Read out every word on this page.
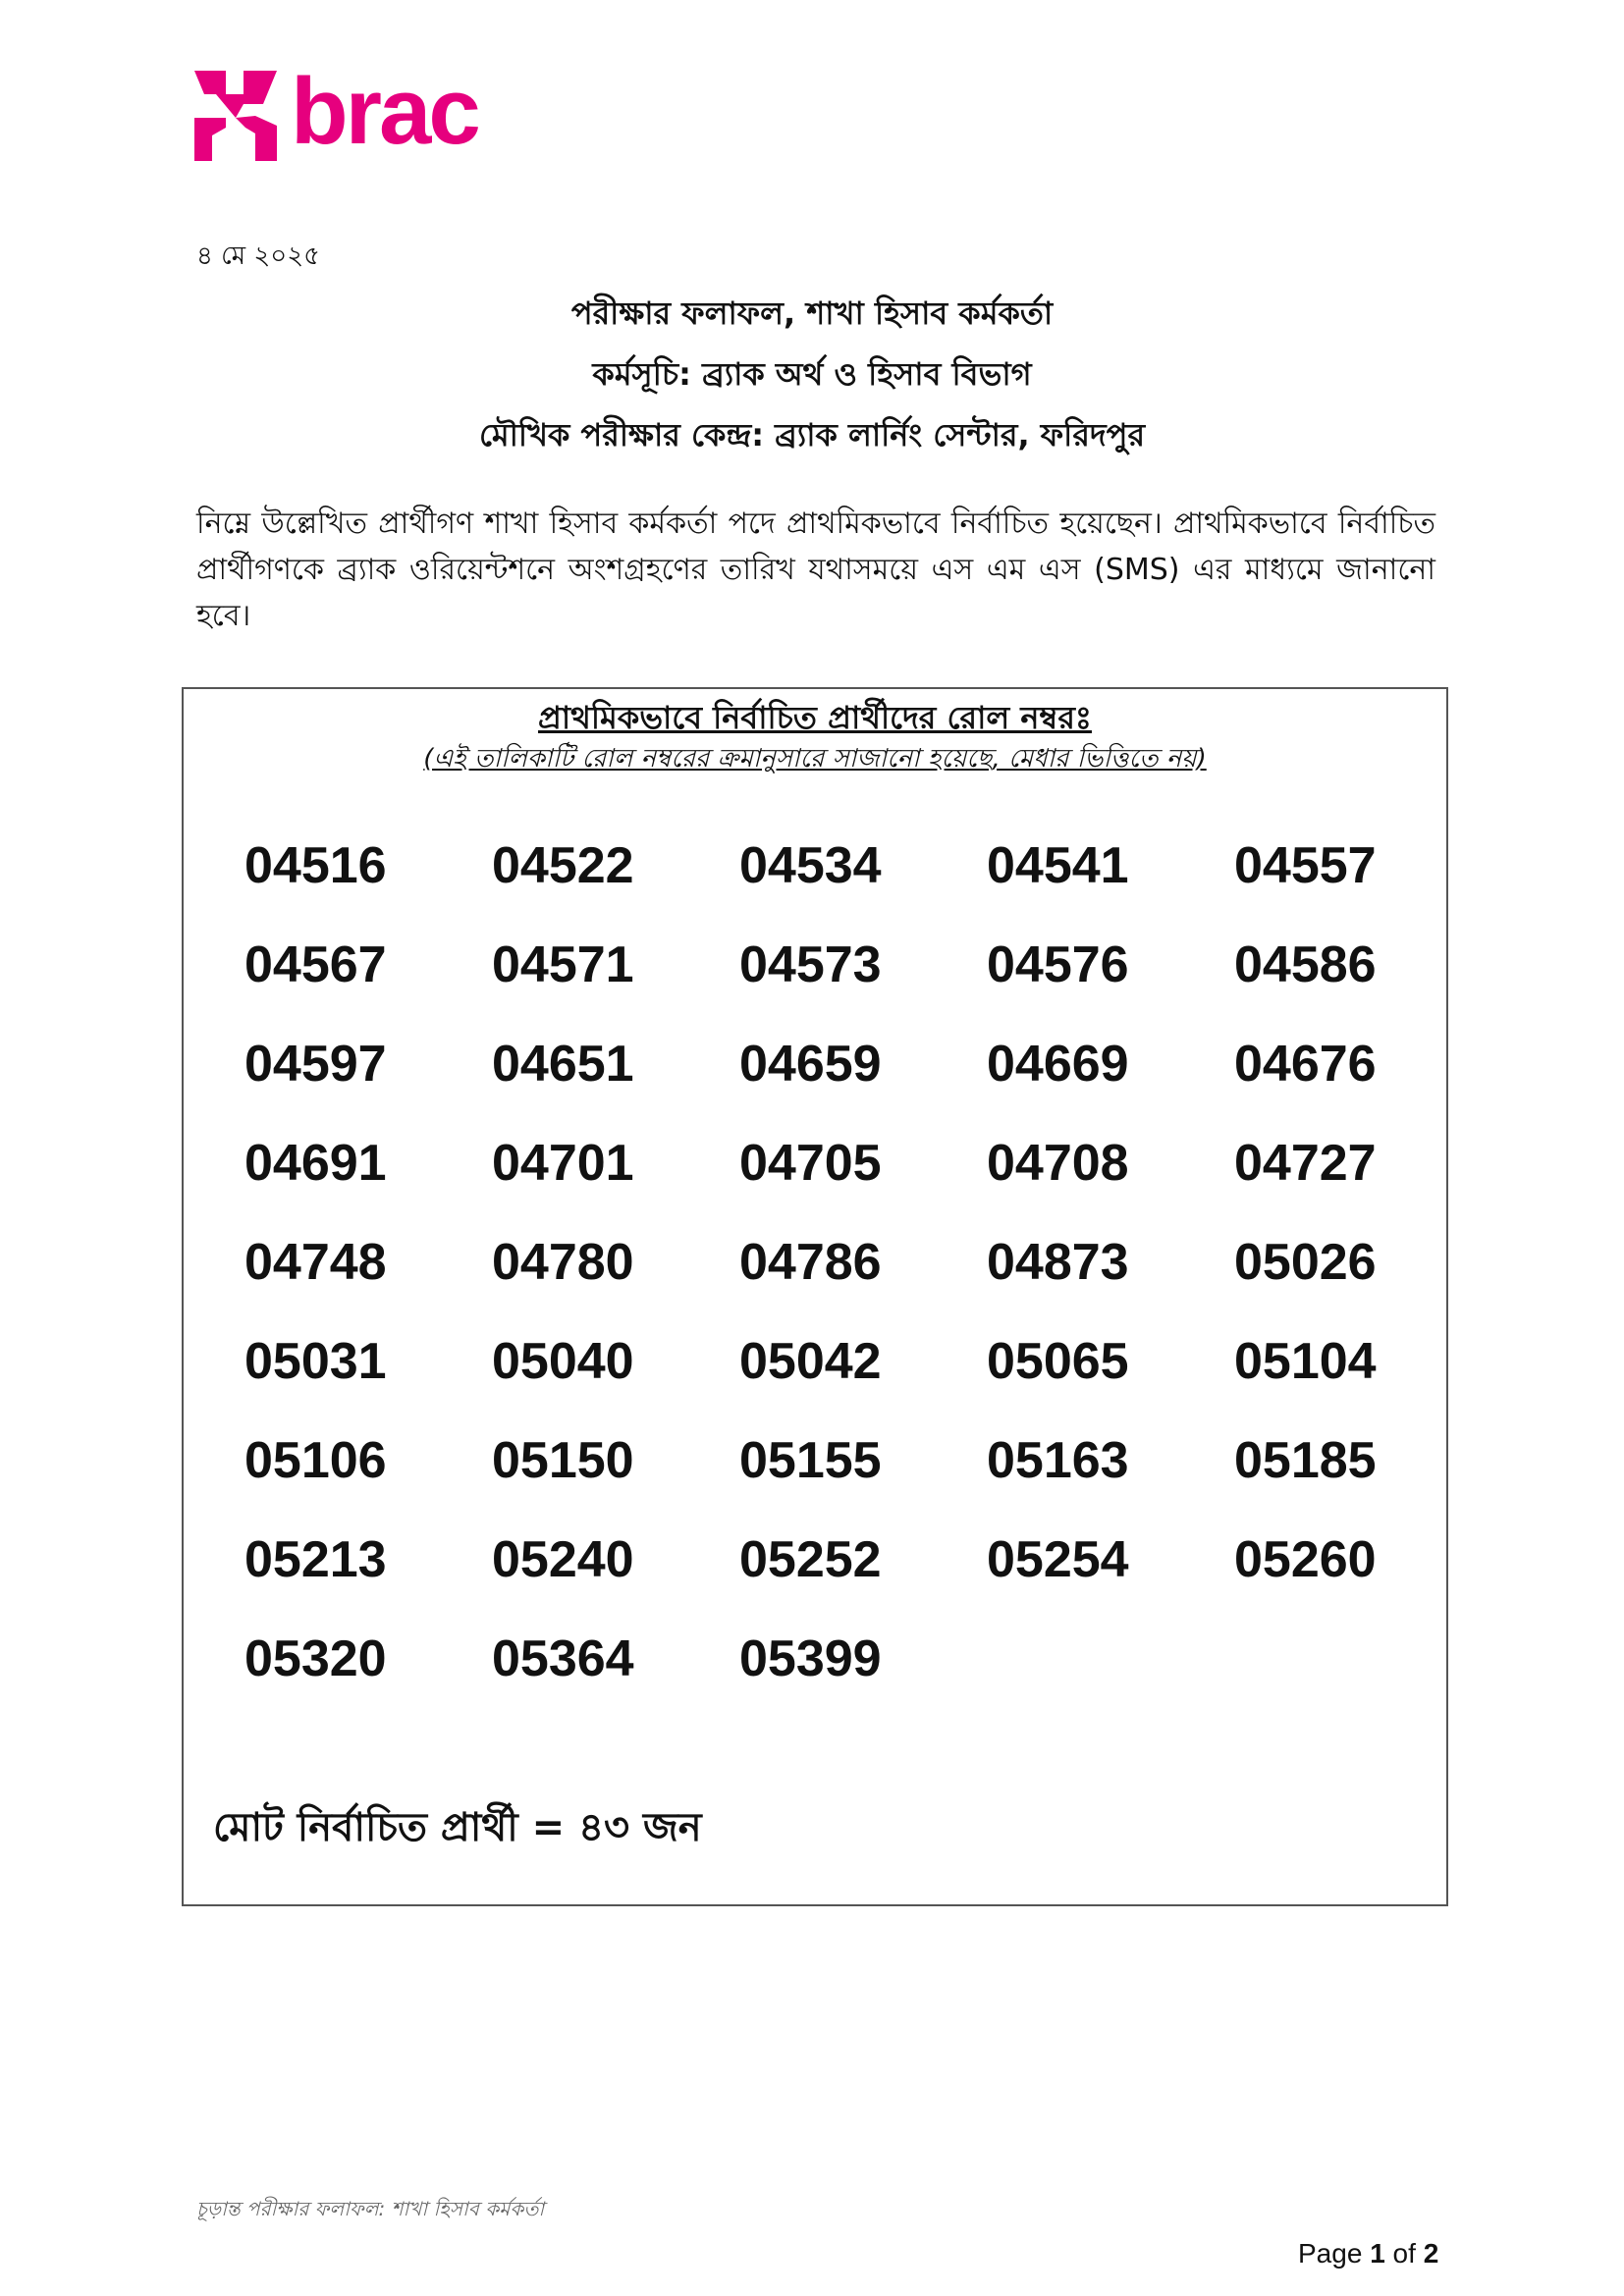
brac
৪ মে ২০২৫
পরীক্ষার ফলাফল, শাখা হিসাব কর্মকর্তা
কর্মসূচি: ব্র্যাক অর্থ ও হিসাব বিভাগ
মৌখিক পরীক্ষার কেন্দ্র: ব্র্যাক লার্নিং সেন্টার, ফরিদপুর
নিম্নে উল্লেখিত প্রার্থীগণ শাখা হিসাব কর্মকর্তা পদে প্রাথমিকভাবে নির্বাচিত হয়েছেন। প্রাথমিকভাবে নির্বাচিত প্রার্থীগণকে ব্র্যাক ওরিয়েন্টশনে অংশগ্রহণের তারিখ যথাসময়ে এস এম এস (SMS) এর মাধ্যমে জানানো হবে।
প্রাথমিকভাবে নির্বাচিত প্রার্থীদের রোল নম্বরঃ
(এই তালিকাটি রোল নম্বরের ক্রমানুসারে সাজানো হয়েছে, মেধার ভিত্তিতে নয়)
04516	04522	04534	04541	04557
04567	04571	04573	04576	04586
04597	04651	04659	04669	04676
04691	04701	04705	04708	04727
04748	04780	04786	04873	05026
05031	05040	05042	05065	05104
05106	05150	05155	05163	05185
05213	05240	05252	05254	05260
05320	05364	05399
মোট নির্বাচিত প্রার্থী = ৪৩ জন
চূড়ান্ত পরীক্ষার ফলাফল: শাখা হিসাব কর্মকর্তা
Page 1 of 2
